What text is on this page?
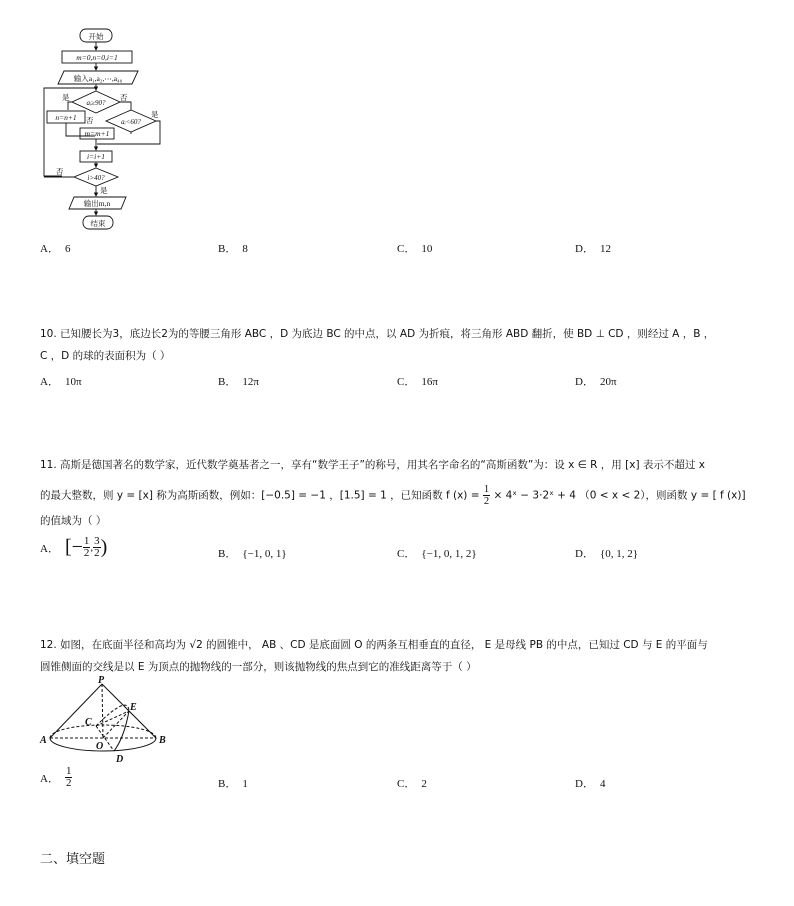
开始
m=0,n=0,i=1
输入a₁,a₂,⋯,a₄₀
aᵢ≥90?
aᵢ<60?
n=n+1
m=m+1
i=i+1
i>40?
输出m,n
结束
是	否
否
是
否
是
A． 6	B． 8	C． 10	D． 12
10. 已知腰长为3，底边长2为的等腰三角形 ABC ，D 为底边 BC 的中点，以 AD 为折痕，将三角形 ABD 翻折，使 BD ⊥ CD ，则经过 A ，B ，
C ，D 的球的表面积为（ ）
A． 10π	B． 12π	C． 16π	D． 20π
11. 高斯是德国著名的数学家，近代数学奠基者之一，享有“数学王子”的称号，用其名字命名的“高斯函数”为：设 x ∈ R ，用 [x] 表示不超过 x
的最大整数，则 y = [x] 称为高斯函数，例如：[−0.5] = −1 ，[1.5] = 1 ，已知函数 f $(x) = \frac{1}{2}$ × 4ˣ − 3·2ˣ + 4 （0 < x < 2），则函数 y = [ f (x)]
的值域为（ ）
A． [− $\frac{1}{2}$ , $\frac{3}{2}$ )	B． {−1, 0, 1}	C． {−1, 0, 1, 2}	D． {0, 1, 2}
12. 如图，在底面半径和高均为 √2 的圆锥中， AB 、CD 是底面圆 O 的两条互相垂直的直径， E 是母线 PB 的中点，已知过 CD 与 E 的平面与
圆锥侧面的交线是以 E 为顶点的抛物线的一部分，则该抛物线的焦点到它的准线距离等于（ ）
P
A	B
C
D
E
O
A． $\frac{1}{2}$	B． 1	C． 2	D． 4
二、填空题
